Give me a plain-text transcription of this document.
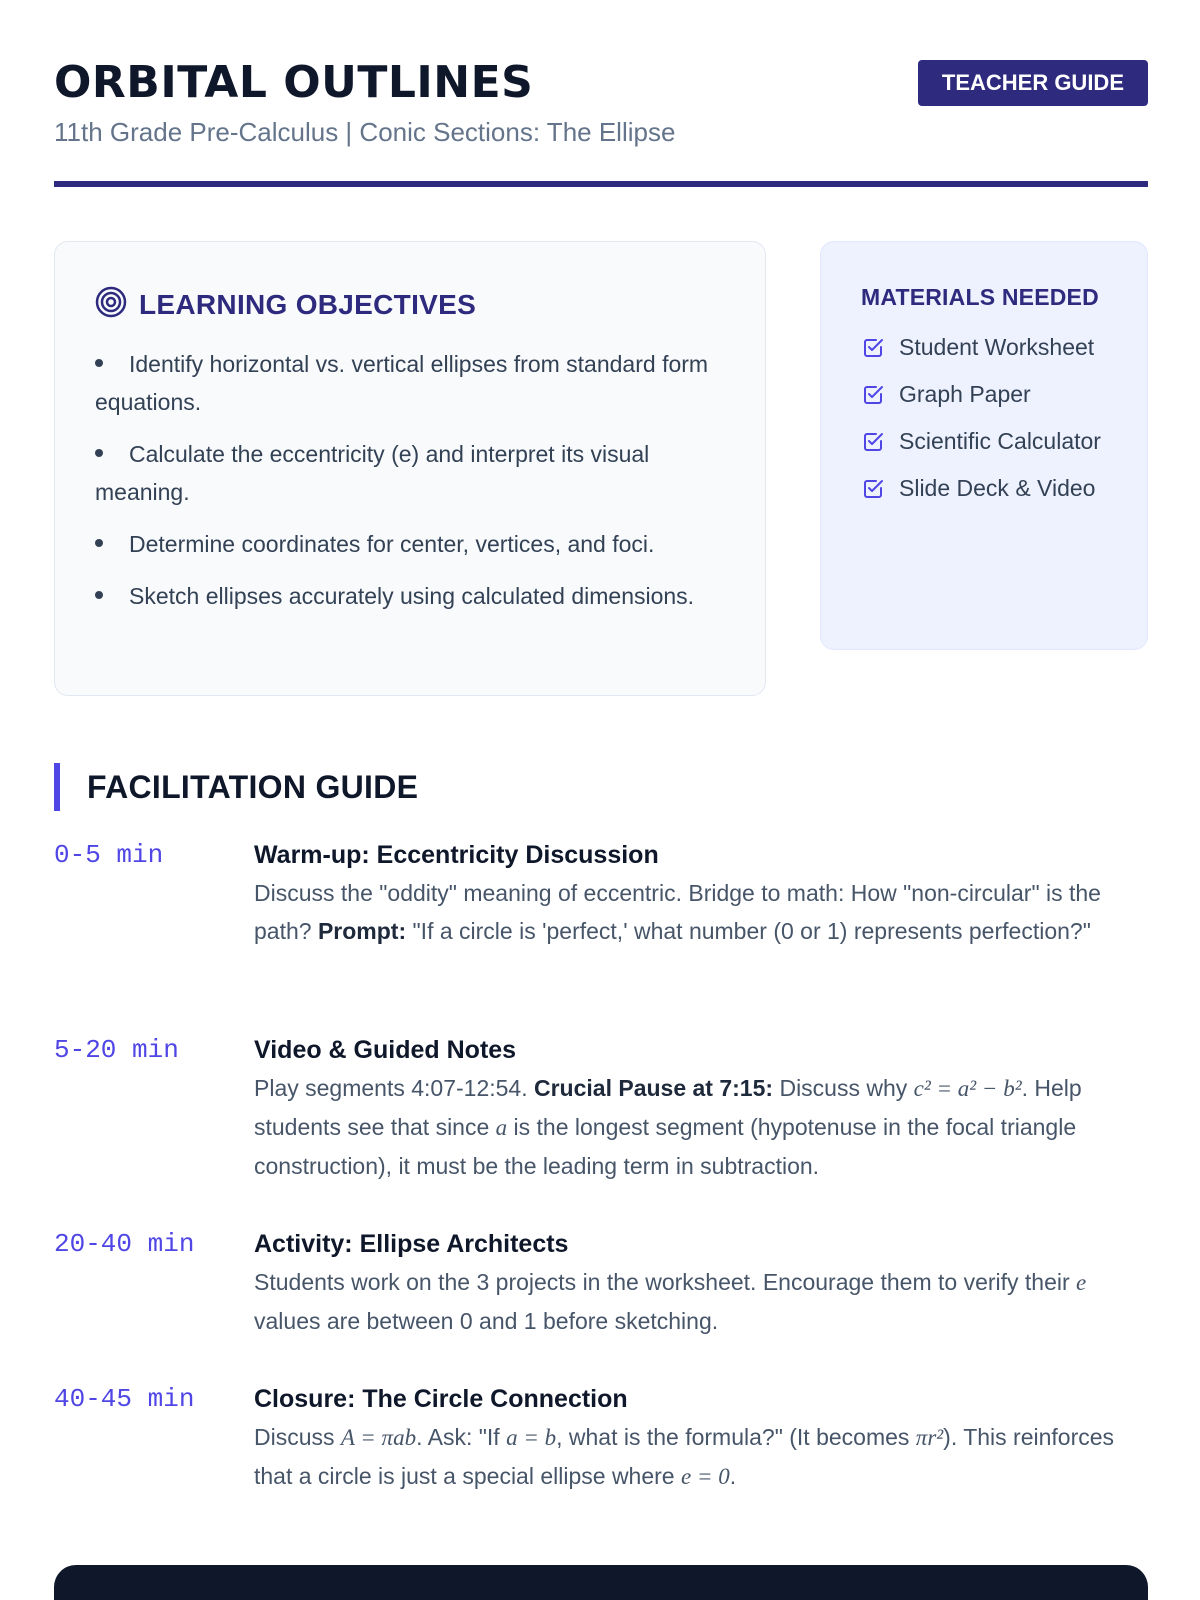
ORBITAL OUTLINES
11th Grade Pre-Calculus | Conic Sections: The Ellipse
TEACHER GUIDE
LEARNING OBJECTIVES
Identify horizontal vs. vertical ellipses from standard form equations.
Calculate the eccentricity (e) and interpret its visual meaning.
Determine coordinates for center, vertices, and foci.
Sketch ellipses accurately using calculated dimensions.
MATERIALS NEEDED
Student Worksheet
Graph Paper
Scientific Calculator
Slide Deck & Video
FACILITATION GUIDE
0-5 min	Warm-up: Eccentricity Discussion
Discuss the "oddity" meaning of eccentric. Bridge to math: How "non-circular" is the path? Prompt: "If a circle is 'perfect,' what number (0 or 1) represents perfection?"
5-20 min	Video & Guided Notes
Play segments 4:07-12:54. Crucial Pause at 7:15: Discuss why c² = a² − b². Help students see that since a is the longest segment (hypotenuse in the focal triangle construction), it must be the leading term in subtraction.
20-40 min Activity: Ellipse Architects
Students work on the 3 projects in the worksheet. Encourage them to verify their e values are between 0 and 1 before sketching.
40-45 min Closure: The Circle Connection
Discuss A = πab. Ask: "If a = b, what is the formula?" (It becomes πr²). This reinforces that a circle is just a special ellipse where e = 0.
